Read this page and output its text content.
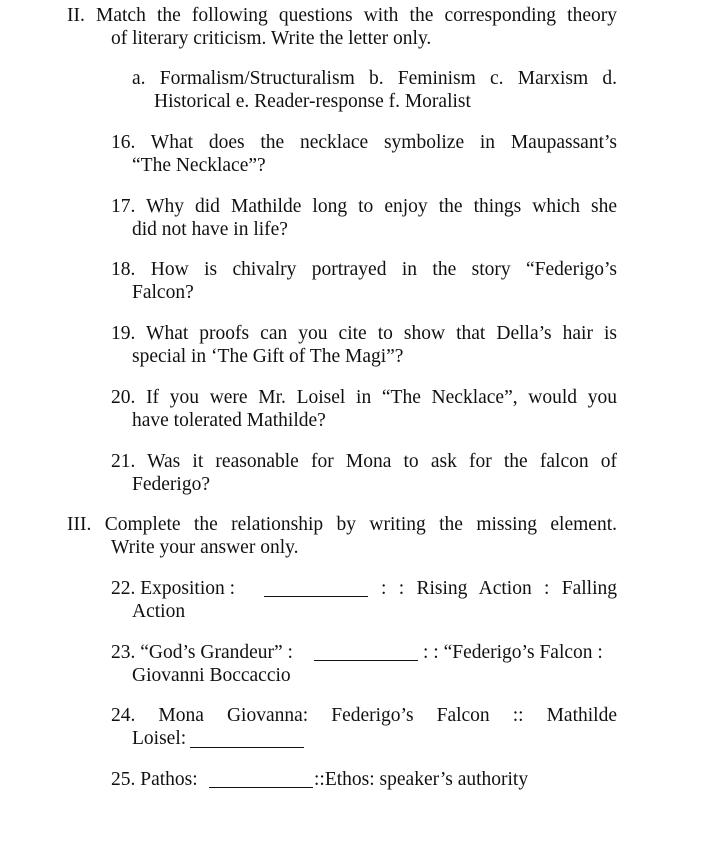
II. Match the following questions with the corresponding theory
of literary criticism. Write the letter only.
a. Formalism/Structuralism b. Feminism c. Marxism d.
Historical e. Reader-response f. Moralist
16. What does the necklace symbolize in Maupassant’s
“The Necklace”?
17. Why did Mathilde long to enjoy the things which she
did not have in life?
18. How is chivalry portrayed in the story “Federigo’s
Falcon?
19. What proofs can you cite to show that Della’s hair is
special in ‘The Gift of The Magi”?
20. If you were Mr. Loisel in “The Necklace”, would you
have tolerated Mathilde?
21. Was it reasonable for Mona to ask for the falcon of
Federigo?
III. Complete the relationship by writing the missing element.
Write your answer only.
22. Exposition :	: : Rising Action : Falling
Action
23. “God’s Grandeur” :	: : “Federigo’s Falcon :
Giovanni Boccaccio
24. Mona Giovanna: Federigo’s Falcon :: Mathilde
Loisel:
25. Pathos:	::Ethos: speaker’s authority
